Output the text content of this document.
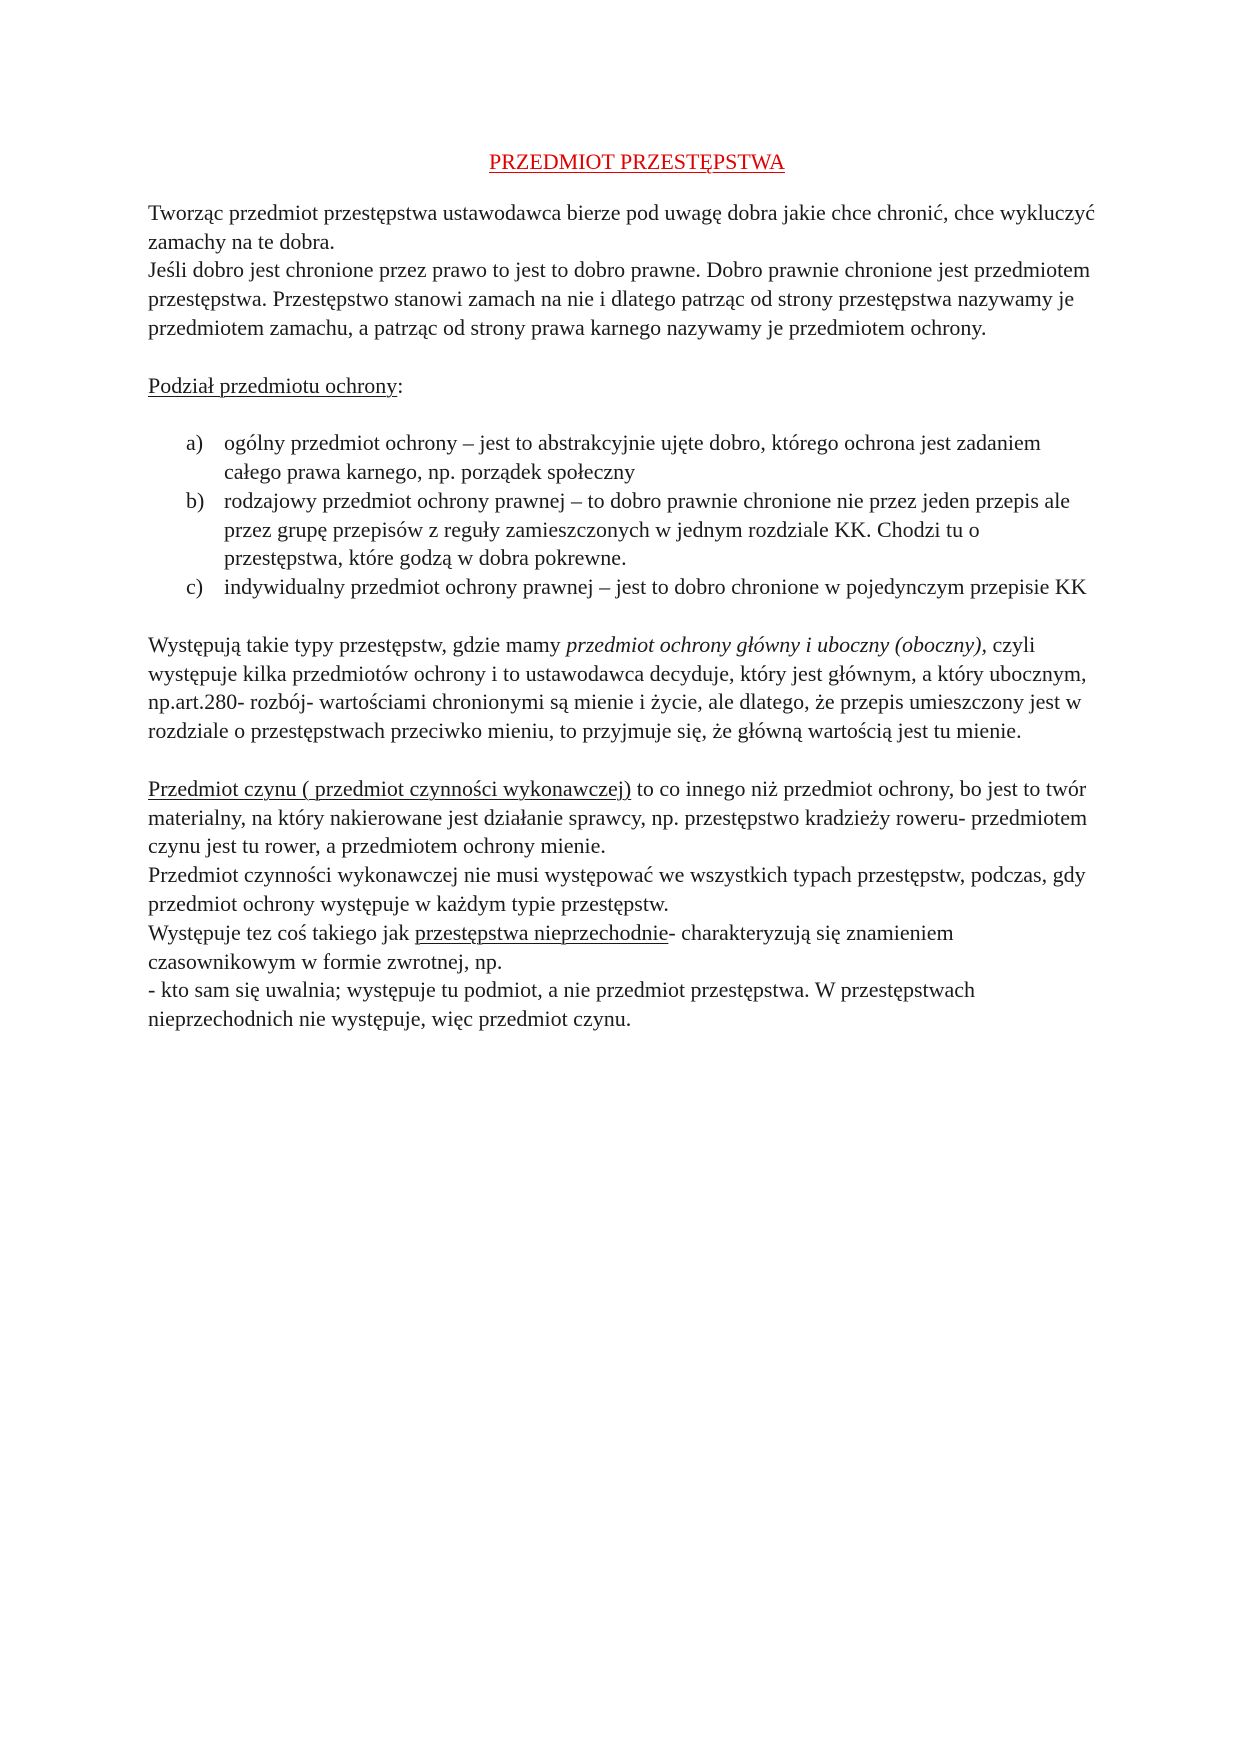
PRZEDMIOT PRZESTĘPSTWA

Tworząc przedmiot przestępstwa ustawodawca bierze pod uwagę dobra jakie chce chronić, chce wykluczyć zamachy na te dobra.

Jeśli dobro jest chronione przez prawo to jest to dobro prawne. Dobro prawnie chronione jest przedmiotem przestępstwa. Przestępstwo stanowi zamach na nie i dlatego patrząc od strony przestępstwa nazywamy je przedmiotem zamachu, a patrząc od strony prawa karnego nazywamy je przedmiotem ochrony.

Podział przedmiotu ochrony:

a) ogólny przedmiot ochrony – jest to abstrakcyjnie ujęte dobro, którego ochrona jest zadaniem całego prawa karnego, np. porządek społeczny
b) rodzajowy przedmiot ochrony prawnej – to dobro prawnie chronione nie przez jeden przepis ale przez grupę przepisów z reguły zamieszczonych w jednym rozdziale KK. Chodzi tu o przestępstwa, które godzą w dobra pokrewne.
c) indywidualny przedmiot ochrony prawnej – jest to dobro chronione w pojedynczym przepisie KK

Występują takie typy przestępstw, gdzie mamy przedmiot ochrony główny i uboczny (oboczny), czyli występuje kilka przedmiotów ochrony i to ustawodawca decyduje, który jest głównym, a który ubocznym, np.art.280- rozbój- wartościami chronionymi są mienie i życie, ale dlatego, że przepis umieszczony jest w rozdziale o przestępstwach przeciwko mieniu, to przyjmuje się, że główną wartością jest tu mienie.

Przedmiot czynu ( przedmiot czynności wykonawczej) to co innego niż przedmiot ochrony, bo jest to twór materialny, na który nakierowane jest działanie sprawcy, np. przestępstwo kradzieży roweru- przedmiotem czynu jest tu rower, a przedmiotem ochrony mienie.

Przedmiot czynności wykonawczej nie musi występować we wszystkich typach przestępstw, podczas, gdy przedmiot ochrony występuje w każdym typie przestępstw.

Występuje tez coś takiego jak przestępstwa nieprzechodnie- charakteryzują się znamieniem czasownikowym w formie zwrotnej, np.

- kto sam się uwalnia; występuje tu podmiot, a nie przedmiot przestępstwa. W przestępstwach nieprzechodnich nie występuje, więc przedmiot czynu.
